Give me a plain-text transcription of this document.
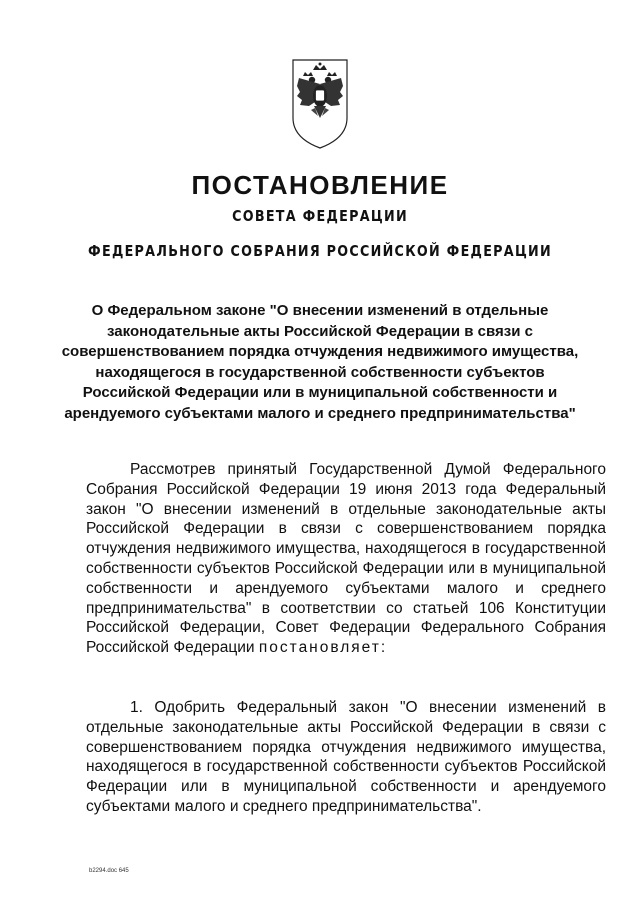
ПОСТАНОВЛЕНИЕ
СОВЕТА ФЕДЕРАЦИИ
ФЕДЕРАЛЬНОГО СОБРАНИЯ РОССИЙСКОЙ ФЕДЕРАЦИИ
О Федеральном законе "О внесении изменений в отдельные законодательные акты Российской Федерации в связи с совершенствованием порядка отчуждения недвижимого имущества, находящегося в государственной собственности субъектов Российской Федерации или в муниципальной собственности и арендуемого субъектами малого и среднего предпринимательства"
Рассмотрев принятый Государственной Думой Федерального Собрания Российской Федерации 19 июня 2013 года Федеральный закон "О внесении изменений в отдельные законодательные акты Российской Федерации в связи с совершенствованием порядка отчуждения недвижимого имущества, находящегося в государственной собственности субъектов Российской Федерации или в муниципальной собственности и арендуемого субъектами малого и среднего предпринимательства" в соответствии со статьей 106 Конституции Российской Федерации, Совет Федерации Федерального Собрания Российской Федерации постановляет:
1. Одобрить Федеральный закон "О внесении изменений в отдельные законодательные акты Российской Федерации в связи с совершенствованием порядка отчуждения недвижимого имущества, находящегося в государственной собственности субъектов Российской Федерации или в муниципальной собственности и арендуемого субъектами малого и среднего предпринимательства".
b2294.doc 645
